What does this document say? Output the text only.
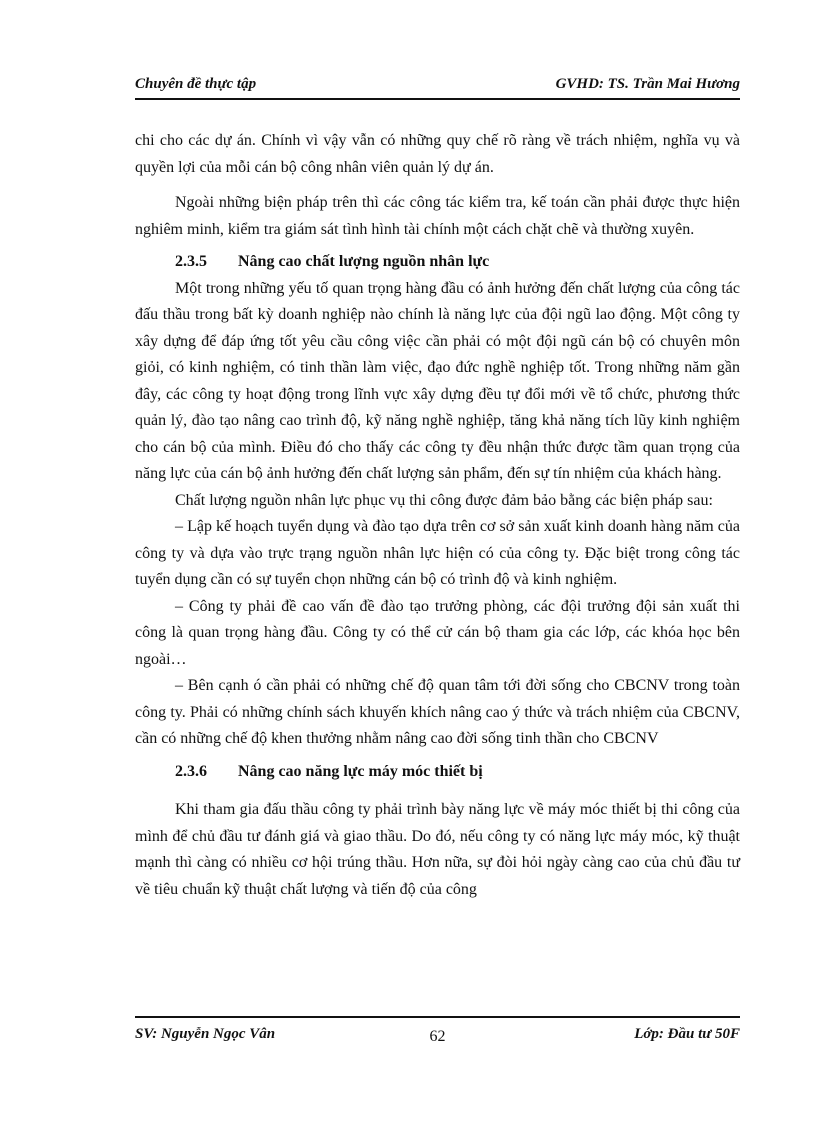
Chuyên đề thực tập	GVHD: TS. Trần Mai Hương

chi cho các dự án. Chính vì vậy vẫn có những quy chế rõ ràng về trách nhiệm, nghĩa vụ và quyền lợi của mỗi cán bộ công nhân viên quản lý dự án.

Ngoài những biện pháp trên thì các công tác kiểm tra, kế toán cần phải được thực hiện nghiêm minh, kiểm tra giám sát tình hình tài chính một cách chặt chẽ và thường xuyên.

2.3.5 Nâng cao chất lượng nguồn nhân lực

Một trong những yếu tố quan trọng hàng đầu có ảnh hưởng đến chất lượng của công tác đấu thầu trong bất kỳ doanh nghiệp nào chính là năng lực của đội ngũ lao động. Một công ty xây dựng để đáp ứng tốt yêu cầu công việc cần phải có một đội ngũ cán bộ có chuyên môn giỏi, có kinh nghiệm, có tinh thần làm việc, đạo đức nghề nghiệp tốt. Trong những năm gần đây, các công ty hoạt động trong lĩnh vực xây dựng đều tự đổi mới về tổ chức, phương thức quản lý, đào tạo nâng cao trình độ, kỹ năng nghề nghiệp, tăng khả năng tích lũy kinh nghiệm cho cán bộ của mình. Điều đó cho thấy các công ty đều nhận thức được tầm quan trọng của năng lực của cán bộ ảnh hưởng đến chất lượng sản phẩm, đến sự tín nhiệm của khách hàng.

Chất lượng nguồn nhân lực phục vụ thi công được đảm bảo bằng các biện pháp sau:

– Lập kế hoạch tuyển dụng và đào tạo dựa trên cơ sở sản xuất kinh doanh hàng năm của công ty và dựa vào trực trạng nguồn nhân lực hiện có của công ty. Đặc biệt trong công tác tuyển dụng cần có sự tuyển chọn những cán bộ có trình độ và kinh nghiệm.

– Công ty phải đề cao vấn đề đào tạo trưởng phòng, các đội trưởng đội sản xuất thi công là quan trọng hàng đầu. Công ty có thể cử cán bộ tham gia các lớp, các khóa học bên ngoài…

– Bên cạnh ó cần phải có những chế độ quan tâm tới đời sống cho CBCNV trong toàn công ty. Phải có những chính sách khuyến khích nâng cao ý thức và trách nhiệm của CBCNV, cần có những chế độ khen thưởng nhằm nâng cao đời sống tinh thần cho CBCNV

2.3.6 Nâng cao năng lực máy móc thiết bị

Khi tham gia đấu thầu công ty phải trình bày năng lực về máy móc thiết bị thi công của mình để chủ đầu tư đánh giá và giao thầu. Do đó, nếu công ty có năng lực máy móc, kỹ thuật mạnh thì càng có nhiều cơ hội trúng thầu. Hơn nữa, sự đòi hỏi ngày càng cao của chủ đầu tư về tiêu chuẩn kỹ thuật chất lượng và tiến độ của công

SV: Nguyễn Ngọc Vân	62	Lớp: Đầu tư 50F
